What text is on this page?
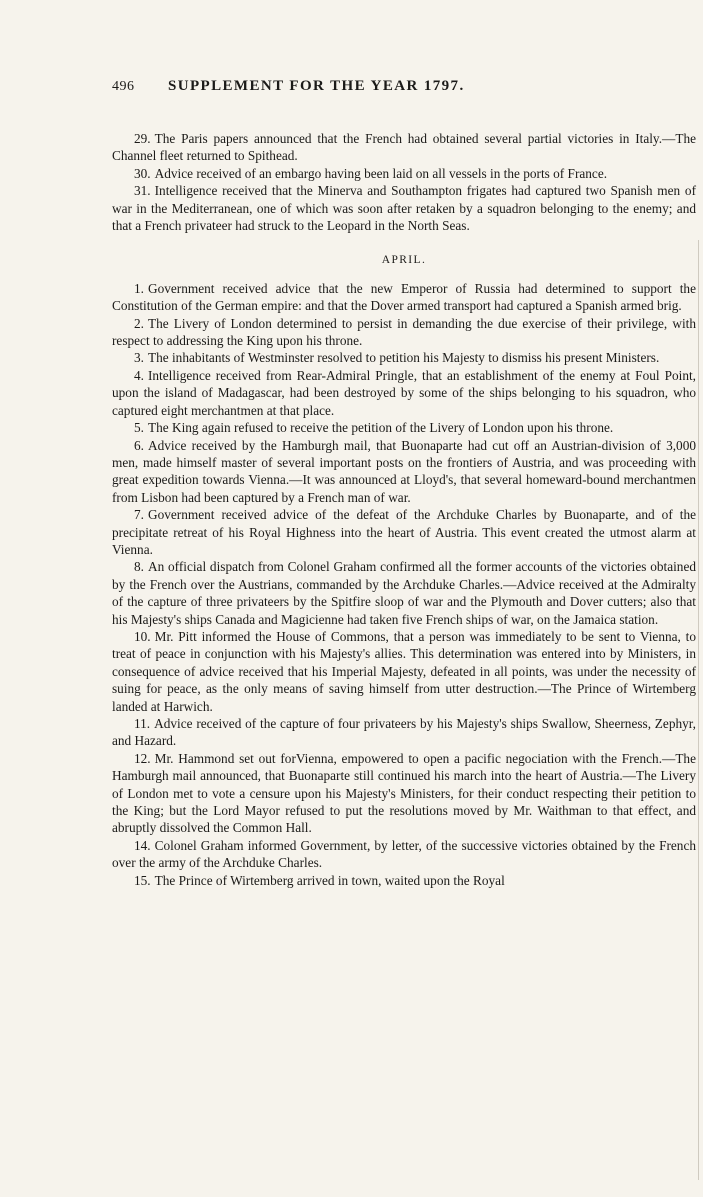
496	SUPPLEMENT FOR THE YEAR 1797.

29. The Paris papers announced that the French had obtained several partial victories in Italy.—The Channel fleet returned to Spithead.

30. Advice received of an embargo having been laid on all vessels in the ports of France.

31. Intelligence received that the Minerva and Southampton frigates had captured two Spanish men of war in the Mediterranean, one of which was soon after retaken by a squadron belonging to the enemy; and that a French privateer had struck to the Leopard in the North Seas.

APRIL.

1. Government received advice that the new Emperor of Russia had determined to support the Constitution of the German empire: and that the Dover armed transport had captured a Spanish armed brig.

2. The Livery of London determined to persist in demanding the due exercise of their privilege, with respect to addressing the King upon his throne.

3. The inhabitants of Westminster resolved to petition his Majesty to dismiss his present Ministers.

4. Intelligence received from Rear-Admiral Pringle, that an establishment of the enemy at Foul Point, upon the island of Madagascar, had been destroyed by some of the ships belonging to his squadron, who captured eight merchantmen at that place.

5. The King again refused to receive the petition of the Livery of London upon his throne.

6. Advice received by the Hamburgh mail, that Buonaparte had cut off an Austrian-division of 3,000 men, made himself master of several important posts on the frontiers of Austria, and was proceeding with great expedition towards Vienna.—It was announced at Lloyd's, that several homeward-bound merchantmen from Lisbon had been captured by a French man of war.

7. Government received advice of the defeat of the Archduke Charles by Buonaparte, and of the precipitate retreat of his Royal Highness into the heart of Austria. This event created the utmost alarm at Vienna.

8. An official dispatch from Colonel Graham confirmed all the former accounts of the victories obtained by the French over the Austrians, commanded by the Archduke Charles.—Advice received at the Admiralty of the capture of three privateers by the Spitfire sloop of war and the Plymouth and Dover cutters; also that his Majesty's ships Canada and Magicienne had taken five French ships of war, on the Jamaica station.

10. Mr. Pitt informed the House of Commons, that a person was immediately to be sent to Vienna, to treat of peace in conjunction with his Majesty's allies. This determination was entered into by Ministers, in consequence of advice received that his Imperial Majesty, defeated in all points, was under the necessity of suing for peace, as the only means of saving himself from utter destruction.—The Prince of Wirtemberg landed at Harwich.

11. Advice received of the capture of four privateers by his Majesty's ships Swallow, Sheerness, Zephyr, and Hazard.

12. Mr. Hammond set out forVienna, empowered to open a pacific negociation with the French.—The Hamburgh mail announced, that Buonaparte still continued his march into the heart of Austria.—The Livery of London met to vote a censure upon his Majesty's Ministers, for their conduct respecting their petition to the King; but the Lord Mayor refused to put the resolutions moved by Mr. Waithman to that effect, and abruptly dissolved the Common Hall.

14. Colonel Graham informed Government, by letter, of the successive victories obtained by the French over the army of the Archduke Charles.

15. The Prince of Wirtemberg arrived in town, waited upon the Royal
